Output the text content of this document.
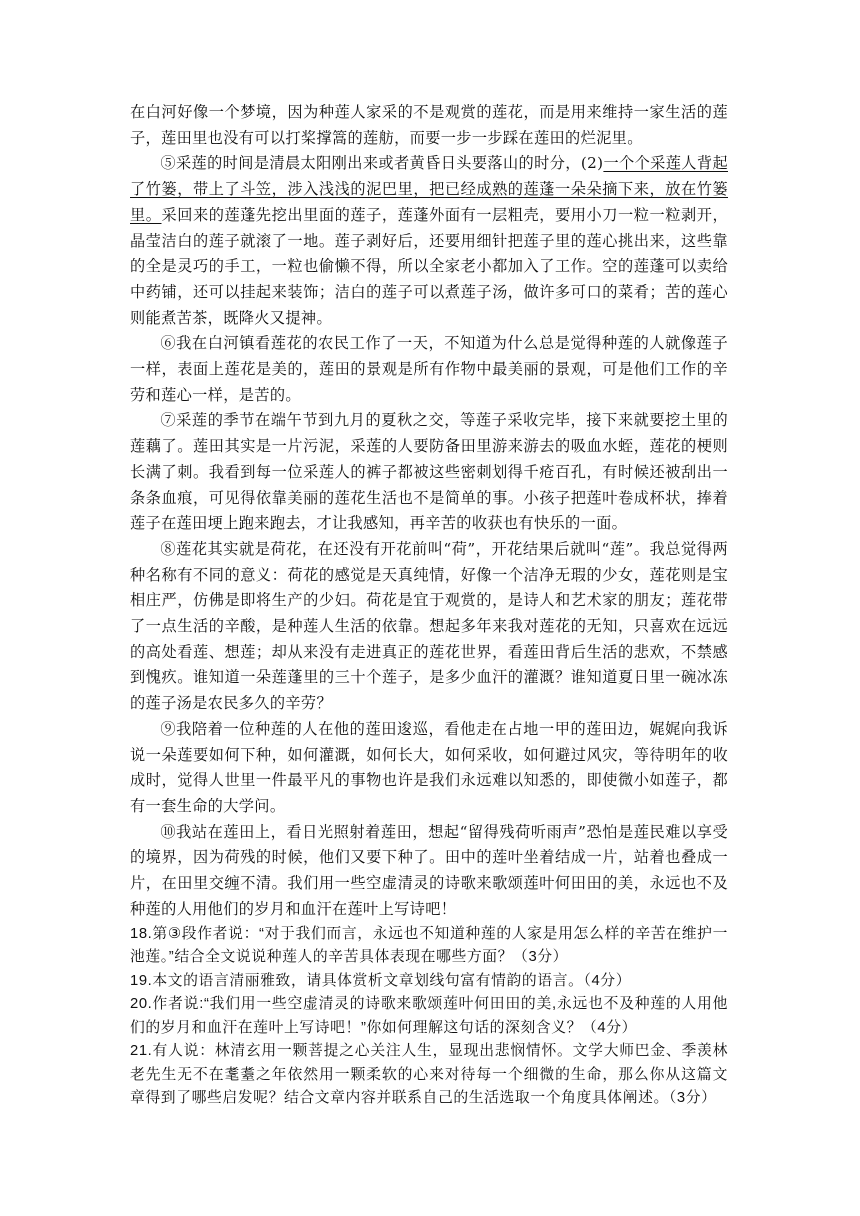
在白河好像一个梦境，因为种莲人家采的不是观赏的莲花，而是用来维持一家生活的莲子，莲田里也没有可以打桨撑篙的莲舫，而要一步一步踩在莲田的烂泥里。

⑤采莲的时间是清晨太阳刚出来或者黄昏日头要落山的时分，(2)一个个采莲人背起了竹篓，带上了斗笠，涉入浅浅的泥巴里，把已经成熟的莲蓬一朵朵摘下来，放在竹篓里。采回来的莲蓬先挖出里面的莲子，莲蓬外面有一层粗壳，要用小刀一粒一粒剥开，晶莹洁白的莲子就滚了一地。莲子剥好后，还要用细针把莲子里的莲心挑出来，这些靠的全是灵巧的手工，一粒也偷懒不得，所以全家老小都加入了工作。空的莲蓬可以卖给中药铺，还可以挂起来装饰；洁白的莲子可以煮莲子汤，做许多可口的菜肴；苦的莲心则能煮苦茶，既降火又提神。

⑥我在白河镇看莲花的农民工作了一天，不知道为什么总是觉得种莲的人就像莲子一样，表面上莲花是美的，莲田的景观是所有作物中最美丽的景观，可是他们工作的辛劳和莲心一样，是苦的。

⑦采莲的季节在端午节到九月的夏秋之交，等莲子采收完毕，接下来就要挖土里的莲藕了。莲田其实是一片污泥，采莲的人要防备田里游来游去的吸血水蛭，莲花的梗则长满了刺。我看到每一位采莲人的裤子都被这些密刺划得千疮百孔，有时候还被刮出一条条血痕，可见得依靠美丽的莲花生活也不是简单的事。小孩子把莲叶卷成杯状，捧着莲子在莲田埂上跑来跑去，才让我感知，再辛苦的收获也有快乐的一面。

⑧莲花其实就是荷花，在还没有开花前叫“荷”，开花结果后就叫“莲”。我总觉得两种名称有不同的意义：荷花的感觉是天真纯情，好像一个洁净无瑕的少女，莲花则是宝相庄严，仿佛是即将生产的少妇。荷花是宜于观赏的，是诗人和艺术家的朋友；莲花带了一点生活的辛酸，是种莲人生活的依靠。想起多年来我对莲花的无知，只喜欢在远远的高处看莲、想莲；却从来没有走进真正的莲花世界，看莲田背后生活的悲欢，不禁感到愧疚。谁知道一朵莲蓬里的三十个莲子，是多少血汗的灌溉？谁知道夏日里一碗冰冻的莲子汤是农民多久的辛劳？

⑨我陪着一位种莲的人在他的莲田逡巡，看他走在占地一甲的莲田边，娓娓向我诉说一朵莲要如何下种，如何灌溉，如何长大，如何采收，如何避过风灾，等待明年的收成时，觉得人世里一件最平凡的事物也许是我们永远难以知悉的，即使微小如莲子，都有一套生命的大学问。

⑩我站在莲田上，看日光照射着莲田，想起“留得残荷听雨声”恐怕是莲民难以享受的境界，因为荷残的时候，他们又要下种了。田中的莲叶坐着结成一片，站着也叠成一片，在田里交缠不清。我们用一些空虚清灵的诗歌来歌颂莲叶何田田的美，永远也不及种莲的人用他们的岁月和血汗在莲叶上写诗吧！

18.第③段作者说：“对于我们而言，永远也不知道种莲的人家是用怎么样的辛苦在维护一池莲。”结合全文说说种莲人的辛苦具体表现在哪些方面？（3分）

19.本文的语言清丽雅致，请具体赏析文章划线句富有情韵的语言。（4分）

20.作者说:“我们用一些空虚清灵的诗歌来歌颂莲叶何田田的美,永远也不及种莲的人用他们的岁月和血汗在莲叶上写诗吧！”你如何理解这句话的深刻含义？（4分）

21.有人说：林清玄用一颗菩提之心关注人生，显现出悲悯情怀。文学大师巴金、季羡林老先生无不在耄耋之年依然用一颗柔软的心来对待每一个细微的生命，那么你从这篇文章得到了哪些启发呢？结合文章内容并联系自己的生活选取一个角度具体阐述。（3分）
